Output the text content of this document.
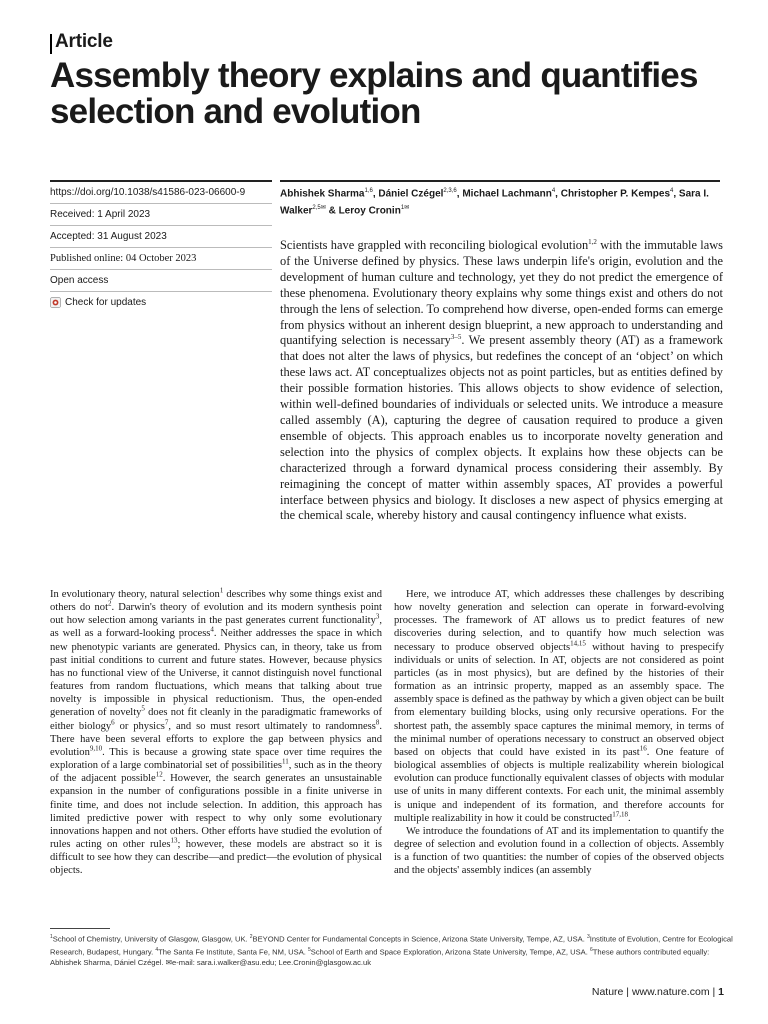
Article
Assembly theory explains and quantifies selection and evolution
https://doi.org/10.1038/s41586-023-06600-9
Received: 1 April 2023
Accepted: 31 August 2023
Published online: 04 October 2023
Open access
Check for updates
Abhishek Sharma$^{1,6}$, Dániel Czégel$^{2,3,6}$, Michael Lachmann$^4$, Christopher P. Kempes$^4$, Sara I. Walker$^{2,5✉}$ & Leroy Cronin$^{1✉}$

Scientists have grappled with reconciling biological evolution$^{1,2}$ with the immutable laws of the Universe defined by physics. These laws underpin life's origin, evolution and the development of human culture and technology, yet they do not predict the emergence of these phenomena. Evolutionary theory explains why some things exist and others do not through the lens of selection. To comprehend how diverse, open-ended forms can emerge from physics without an inherent design blueprint, a new approach to understanding and quantifying selection is necessary$^{3-5}$. We present assembly theory (AT) as a framework that does not alter the laws of physics, but redefines the concept of an ‘object’ on which these laws act. AT conceptualizes objects not as point particles, but as entities defined by their possible formation histories. This allows objects to show evidence of selection, within well-defined boundaries of individuals or selected units. We introduce a measure called assembly (A), capturing the degree of causation required to produce a given ensemble of objects. This approach enables us to incorporate novelty generation and selection into the physics of complex objects. It explains how these objects can be characterized through a forward dynamical process considering their assembly. By reimagining the concept of matter within assembly spaces, AT provides a powerful interface between physics and biology. It discloses a new aspect of physics emerging at the chemical scale, whereby history and causal contingency influence what exists.

In evolutionary theory, natural selection$^1$ describes why some things exist and others do not$^2$. Darwin's theory of evolution and its modern synthesis point out how selection among variants in the past generates current functionality$^3$, as well as a forward-looking process$^4$. Neither addresses the space in which new phenotypic variants are generated. Physics can, in theory, take us from past initial conditions to current and future states. However, because physics has no functional view of the Universe, it cannot distinguish novel functional features from random fluctuations, which means that talking about true novelty is impossible in physical reductionism. Thus, the open-ended generation of novelty$^5$ does not fit cleanly in the paradigmatic frameworks of either biology$^6$ or physics$^7$, and so must resort ultimately to randomness$^8$. There have been several efforts to explore the gap between physics and evolution$^{9,10}$. This is because a growing state space over time requires the exploration of a large combinatorial set of possibilities$^{11}$, such as in the theory of the adjacent possible$^{12}$. However, the search generates an unsustainable expansion in the number of configurations possible in a finite universe in finite time, and does not include selection. In addition, this approach has limited predictive power with respect to why only some evolutionary innovations happen and not others. Other efforts have studied the evolution of rules acting on other rules$^{13}$; however, these models are abstract so it is difficult to see how they can describe—and predict—the evolution of physical objects.

Here, we introduce AT, which addresses these challenges by describing how novelty generation and selection can operate in forward-evolving processes. The framework of AT allows us to predict features of new discoveries during selection, and to quantify how much selection was necessary to produce observed objects$^{14,15}$ without having to prespecify individuals or units of selection. In AT, objects are not considered as point particles (as in most physics), but are defined by the histories of their formation as an intrinsic property, mapped as an assembly space. The assembly space is defined as the pathway by which a given object can be built from elementary building blocks, using only recursive operations. For the shortest path, the assembly space captures the minimal memory, in terms of the minimal number of operations necessary to construct an observed object based on objects that could have existed in its past$^{16}$. One feature of biological assemblies of objects is multiple realizability wherein biological evolution can produce functionally equivalent classes of objects with modular use of units in many different contexts. For each unit, the minimal assembly is unique and independent of its formation, and therefore accounts for multiple realizability in how it could be constructed$^{17,18}$.

We introduce the foundations of AT and its implementation to quantify the degree of selection and evolution found in a collection of objects. Assembly is a function of two quantities: the number of copies of the observed objects and the objects' assembly indices (an assembly

$^1$School of Chemistry, University of Glasgow, Glasgow, UK. $^2$BEYOND Center for Fundamental Concepts in Science, Arizona State University, Tempe, AZ, USA. $^3$Institute of Evolution, Centre for Ecological Research, Budapest, Hungary. $^4$The Santa Fe Institute, Santa Fe, NM, USA. $^5$School of Earth and Space Exploration, Arizona State University, Tempe, AZ, USA. $^6$These authors contributed equally: Abhishek Sharma, Dániel Czégel. ✉e-mail: sara.i.walker@asu.edu; Lee.Cronin@glasgow.ac.uk
Nature | www.nature.com | 1
